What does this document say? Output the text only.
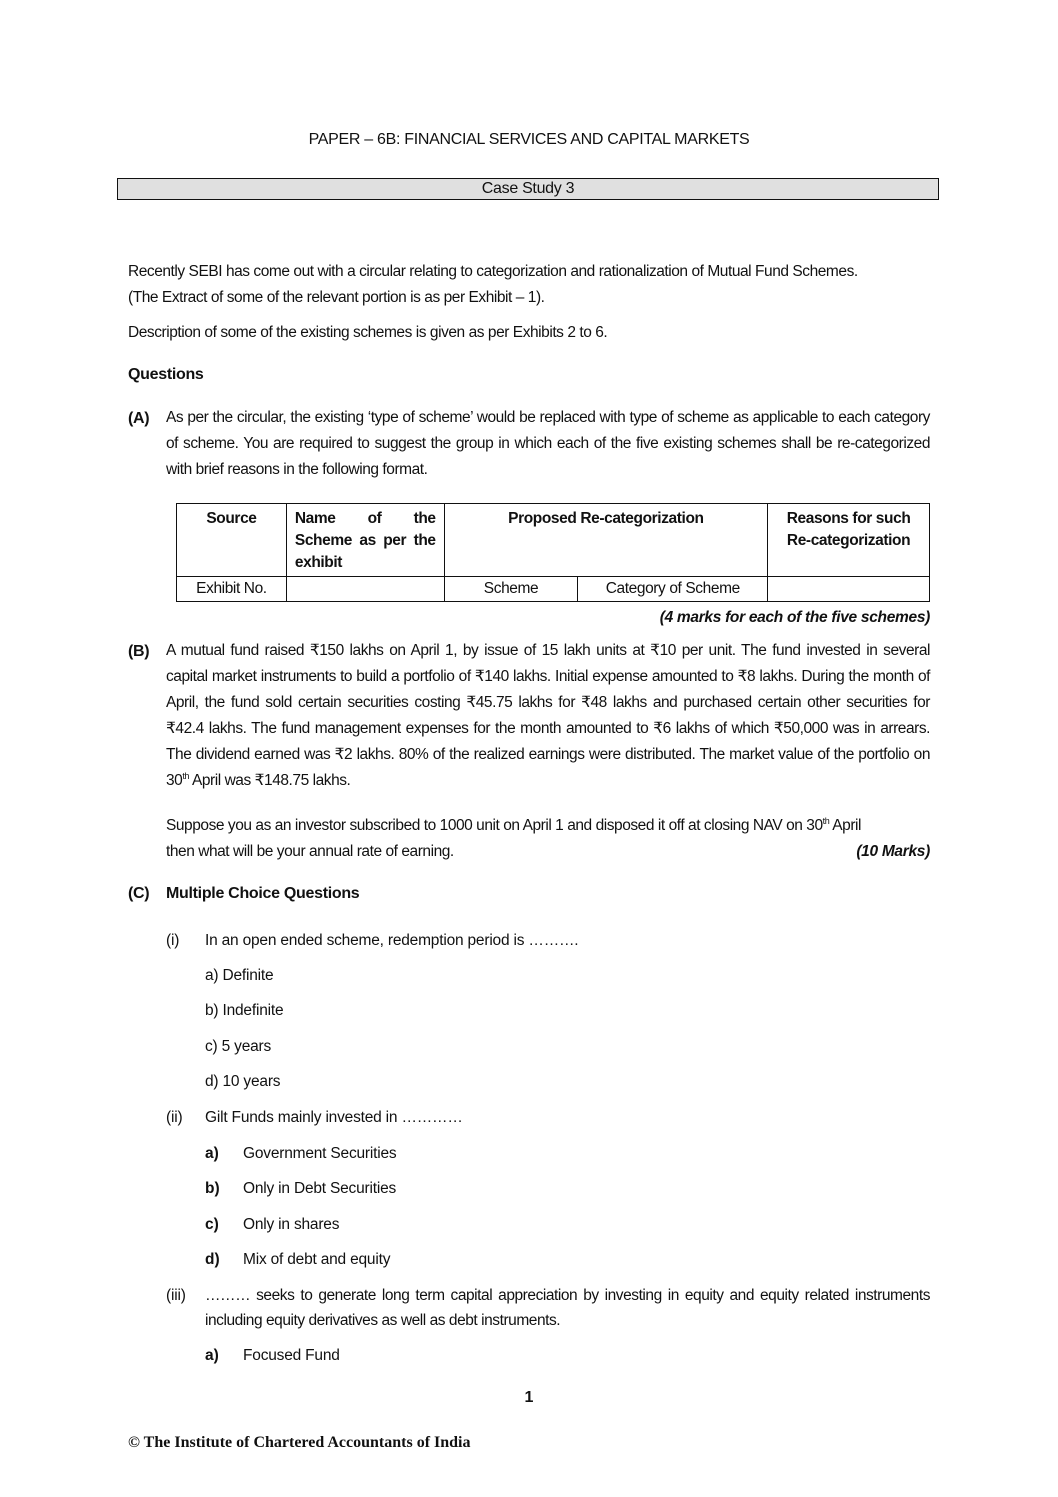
PAPER – 6B: FINANCIAL SERVICES AND CAPITAL MARKETS
Case Study 3
Recently SEBI has come out with a circular relating to categorization and rationalization of Mutual Fund Schemes.
(The Extract of some of the relevant portion is as per Exhibit – 1).
Description of some of the existing schemes is given as per Exhibits 2 to 6.
Questions
(A) As per the circular, the existing ‘type of scheme’ would be replaced with type of scheme as applicable to each category of scheme. You are required to suggest the group in which each of the five existing schemes shall be re-categorized with brief reasons in the following format.
Source	Name of the Scheme as per the exhibit	Proposed Re-categorization		Reasons for such Re-categorization
Exhibit No.		Scheme	Category of Scheme	
(4 marks for each of the five schemes)
(B) A mutual fund raised ₹150 lakhs on April 1, by issue of 15 lakh units at ₹10 per unit. The fund invested in several capital market instruments to build a portfolio of ₹140 lakhs. Initial expense amounted to ₹8 lakhs. During the month of April, the fund sold certain securities costing ₹45.75 lakhs for ₹48 lakhs and purchased certain other securities for ₹42.4 lakhs. The fund management expenses for the month amounted to ₹6 lakhs of which ₹50,000 was in arrears. The dividend earned was ₹2 lakhs. 80% of the realized earnings were distributed. The market value of the portfolio on 30th April was ₹148.75 lakhs.
Suppose you as an investor subscribed to 1000 unit on April 1 and disposed it off at closing NAV on 30th April
then what will be your annual rate of earning.	(10 Marks)
(C) Multiple Choice Questions
(i) In an open ended scheme, redemption period is ……….
a) Definite
b) Indefinite
c) 5 years
d) 10 years
(ii) Gilt Funds mainly invested in …………
a) Government Securities
b) Only in Debt Securities
c) Only in shares
d) Mix of debt and equity
(iii) ……… seeks to generate long term capital appreciation by investing in equity and equity related instruments including equity derivatives as well as debt instruments.
a) Focused Fund
1
© The Institute of Chartered Accountants of India
